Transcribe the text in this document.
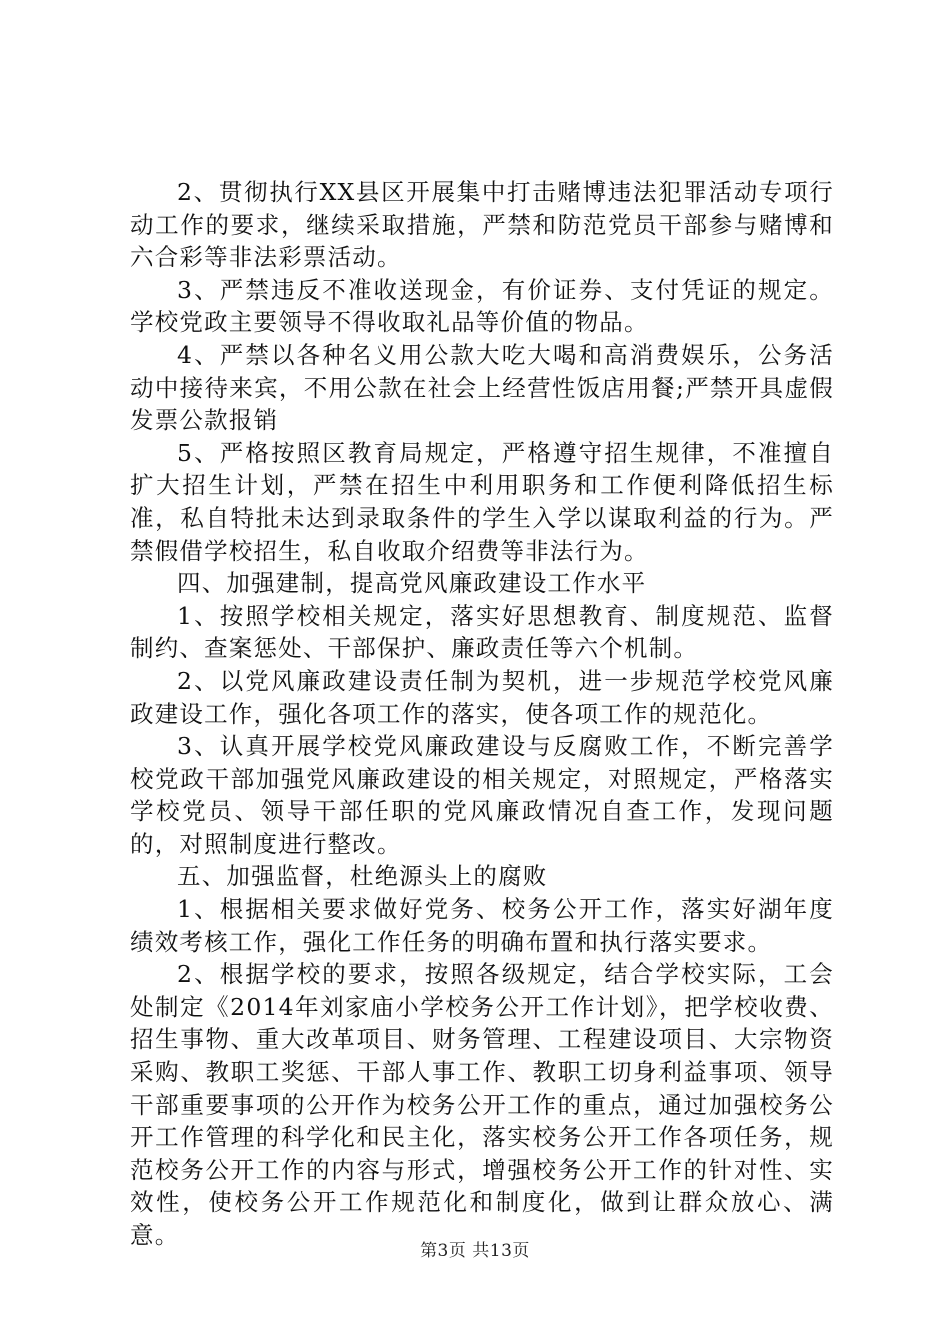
2、贯彻执行XX县区开展集中打击赌博违法犯罪活动专项行动工作的要求，继续采取措施，严禁和防范党员干部参与赌博和六合彩等非法彩票活动。

3、严禁违反不准收送现金，有价证券、支付凭证的规定。学校党政主要领导不得收取礼品等价值的物品。

4、严禁以各种名义用公款大吃大喝和高消费娱乐，公务活动中接待来宾，不用公款在社会上经营性饭店用餐;严禁开具虚假发票公款报销

5、严格按照区教育局规定，严格遵守招生规律，不准擅自扩大招生计划，严禁在招生中利用职务和工作便利降低招生标准，私自特批未达到录取条件的学生入学以谋取利益的行为。严禁假借学校招生，私自收取介绍费等非法行为。

四、加强建制，提高党风廉政建设工作水平

1、按照学校相关规定，落实好思想教育、制度规范、监督制约、查案惩处、干部保护、廉政责任等六个机制。

2、以党风廉政建设责任制为契机，进一步规范学校党风廉政建设工作，强化各项工作的落实，使各项工作的规范化。

3、认真开展学校党风廉政建设与反腐败工作，不断完善学校党政干部加强党风廉政建设的相关规定，对照规定，严格落实学校党员、领导干部任职的党风廉政情况自查工作，发现问题的，对照制度进行整改。

五、加强监督，杜绝源头上的腐败

1、根据相关要求做好党务、校务公开工作，落实好湖年度绩效考核工作，强化工作任务的明确布置和执行落实要求。

2、根据学校的要求，按照各级规定，结合学校实际，工会处制定《2014年刘家庙小学校务公开工作计划》，把学校收费、招生事物、重大改革项目、财务管理、工程建设项目、大宗物资采购、教职工奖惩、干部人事工作、教职工切身利益事项、领导干部重要事项的公开作为校务公开工作的重点，通过加强校务公开工作管理的科学化和民主化，落实校务公开工作各项任务，规范校务公开工作的内容与形式，增强校务公开工作的针对性、实效性，使校务公开工作规范化和制度化，做到让群众放心、满意。

第3页 共13页
